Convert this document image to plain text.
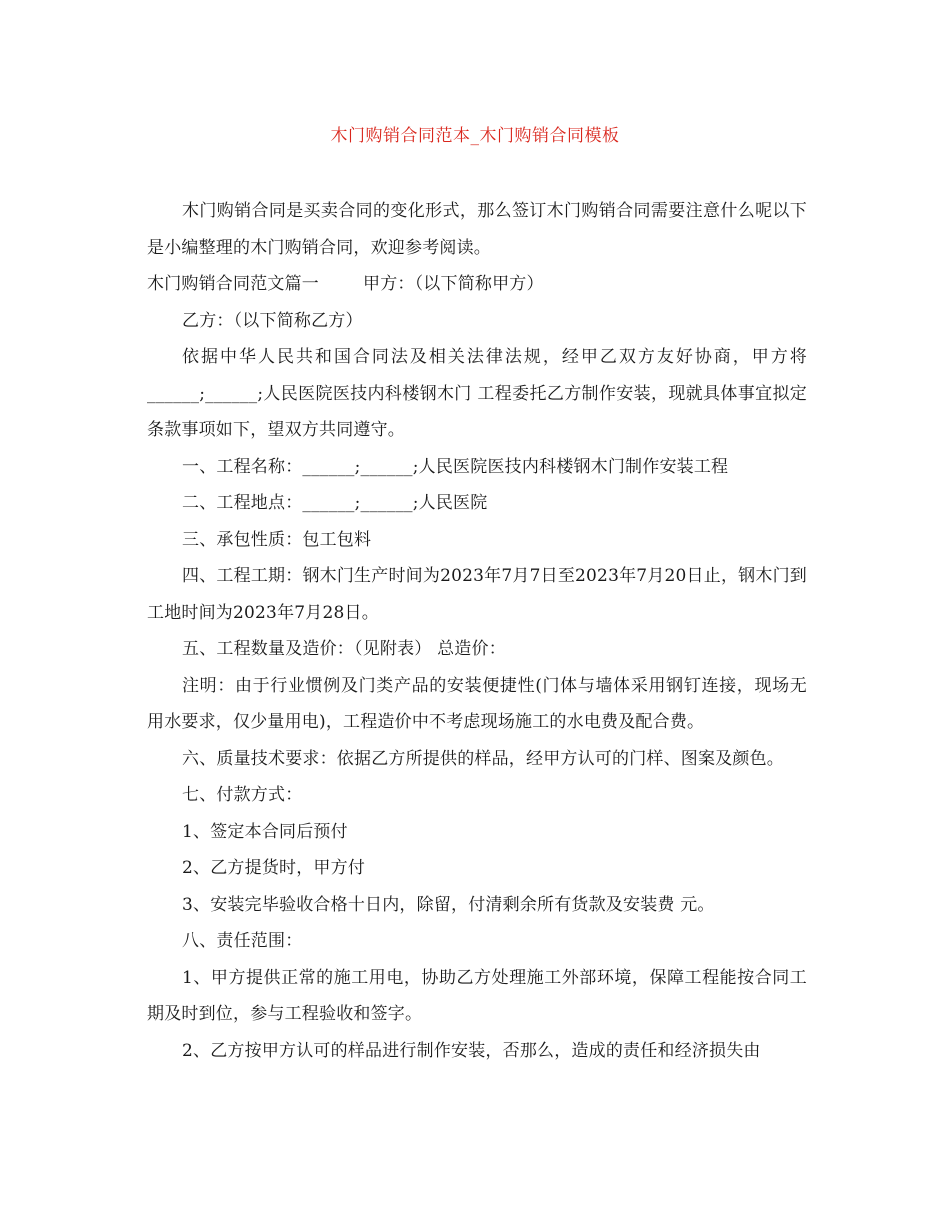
木门购销合同范本_木门购销合同模板

木门购销合同是买卖合同的变化形式，那么签订木门购销合同需要注意什么呢以下是小编整理的木门购销合同，欢迎参考阅读。

木门购销合同范文篇一	甲方：（以下简称甲方）

乙方：（以下简称乙方）

依据中华人民共和国合同法及相关法律法规，经甲乙双方友好协商，甲方将______;______;人民医院医技内科楼钢木门 工程委托乙方制作安装，现就具体事宜拟定条款事项如下，望双方共同遵守。

一、工程名称：______;______;人民医院医技内科楼钢木门制作安装工程

二、工程地点：______;______;人民医院

三、承包性质：包工包料

四、工程工期：钢木门生产时间为2023年7月7日至2023年7月20日止，钢木门到工地时间为2023年7月28日。

五、工程数量及造价：（见附表） 总造价：

注明：由于行业惯例及门类产品的安装便捷性(门体与墙体采用钢钉连接，现场无用水要求，仅少量用电)，工程造价中不考虑现场施工的水电费及配合费。

六、质量技术要求：依据乙方所提供的样品，经甲方认可的门样、图案及颜色。

七、付款方式：

1、签定本合同后预付

2、乙方提货时，甲方付

3、安装完毕验收合格十日内，除留，付清剩余所有货款及安装费 元。

八、责任范围：

1、甲方提供正常的施工用电，协助乙方处理施工外部环境，保障工程能按合同工期及时到位，参与工程验收和签字。

2、乙方按甲方认可的样品进行制作安装，否那么，造成的责任和经济损失由
